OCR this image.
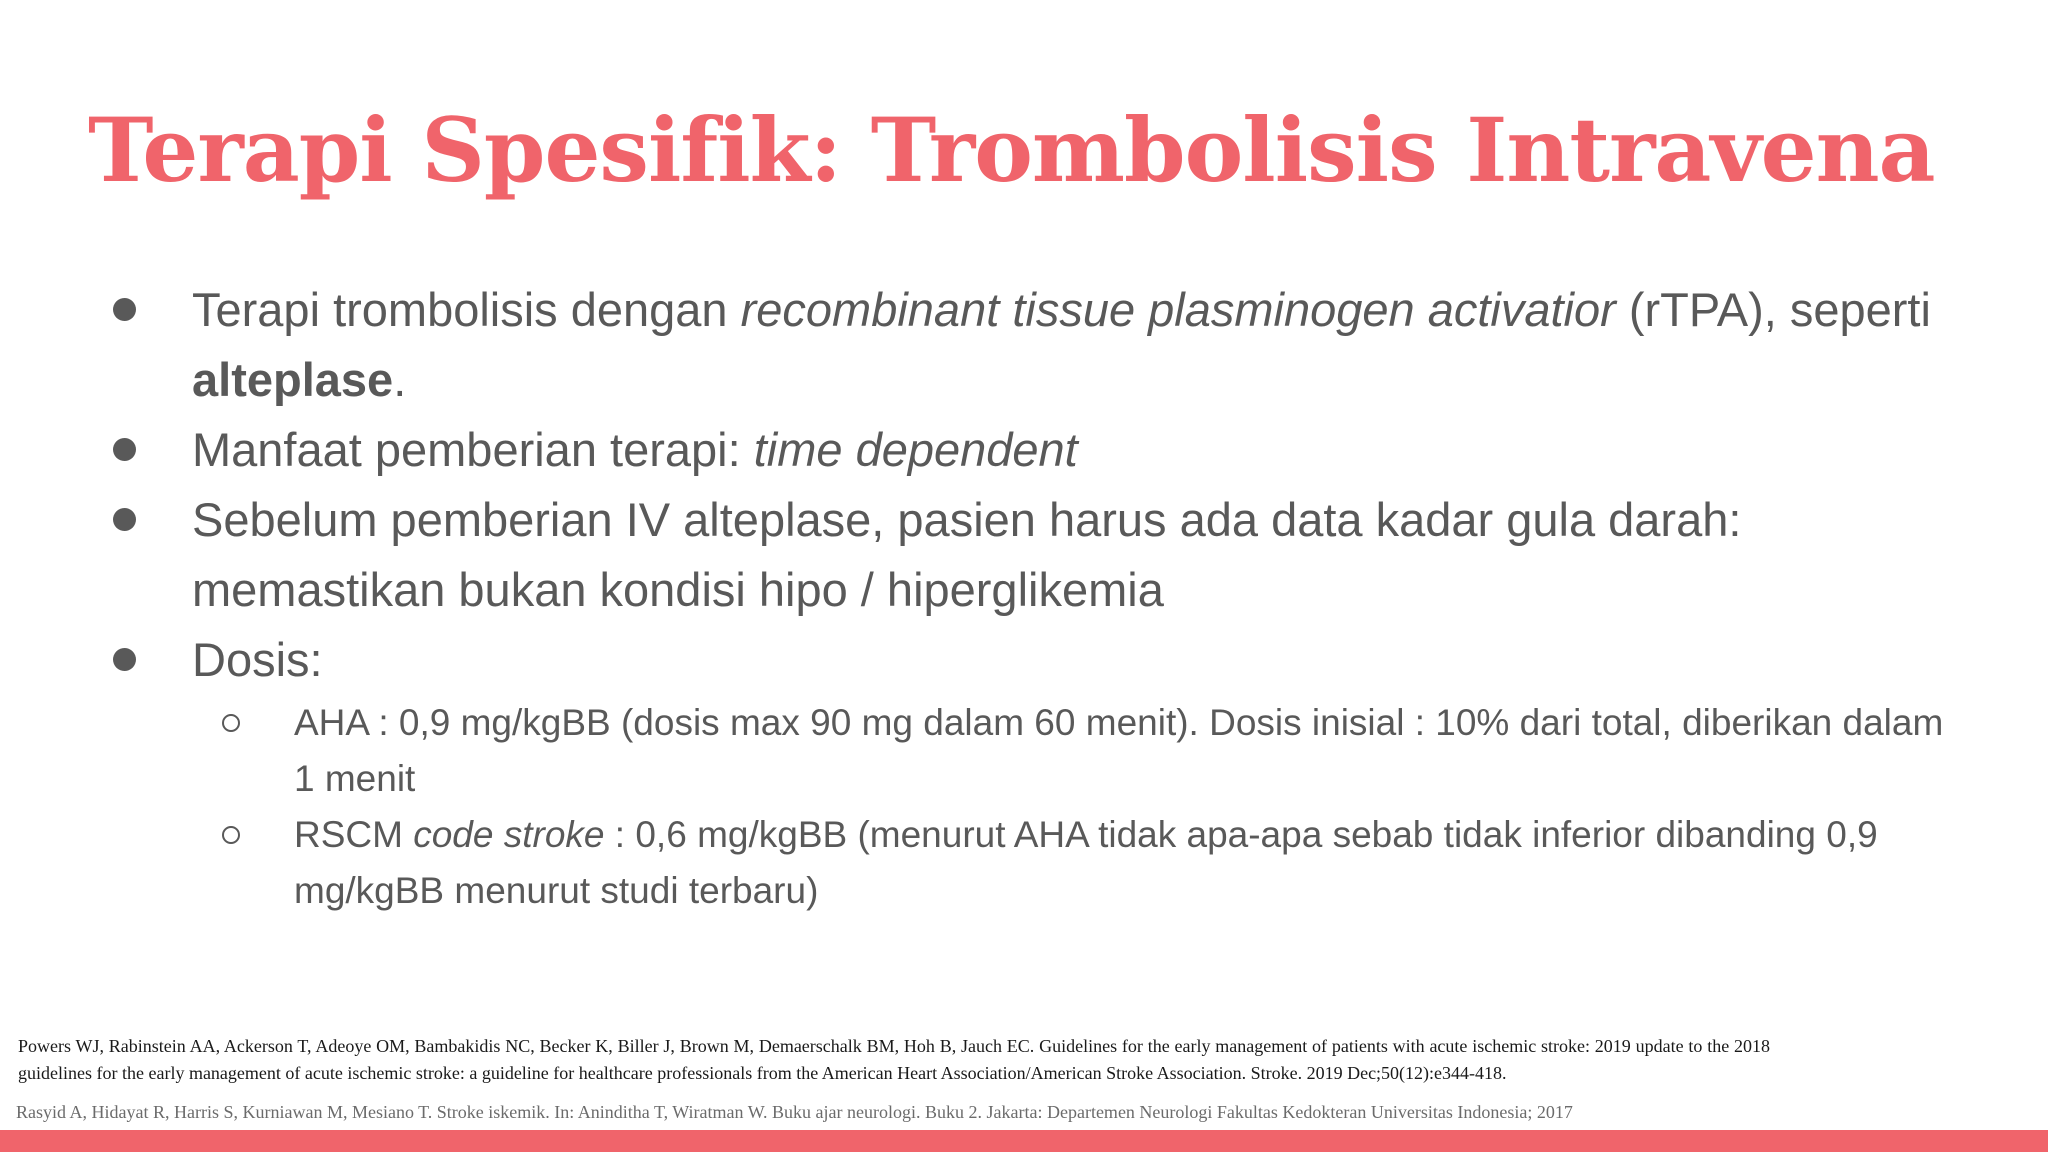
Terapi Spesifik: Trombolisis Intravena
Terapi trombolisis dengan recombinant tissue plasminogen activatior (rTPA), seperti alteplase.
Manfaat pemberian terapi: time dependent
Sebelum pemberian IV alteplase, pasien harus ada data kadar gula darah: memastikan bukan kondisi hipo / hiperglikemia
Dosis:
AHA : 0,9 mg/kgBB (dosis max 90 mg dalam 60 menit). Dosis inisial : 10% dari total, diberikan dalam 1 menit
RSCM code stroke : 0,6 mg/kgBB (menurut AHA tidak apa-apa sebab tidak inferior dibanding 0,9 mg/kgBB menurut studi terbaru)
Powers WJ, Rabinstein AA, Ackerson T, Adeoye OM, Bambakidis NC, Becker K, Biller J, Brown M, Demaerschalk BM, Hoh B, Jauch EC. Guidelines for the early management of patients with acute ischemic stroke: 2019 update to the 2018 guidelines for the early management of acute ischemic stroke: a guideline for healthcare professionals from the American Heart Association/American Stroke Association. Stroke. 2019 Dec;50(12):e344-418.
Rasyid A, Hidayat R, Harris S, Kurniawan M, Mesiano T. Stroke iskemik. In: Aninditha T, Wiratman W. Buku ajar neurologi. Buku 2. Jakarta: Departemen Neurologi Fakultas Kedokteran Universitas Indonesia; 2017
